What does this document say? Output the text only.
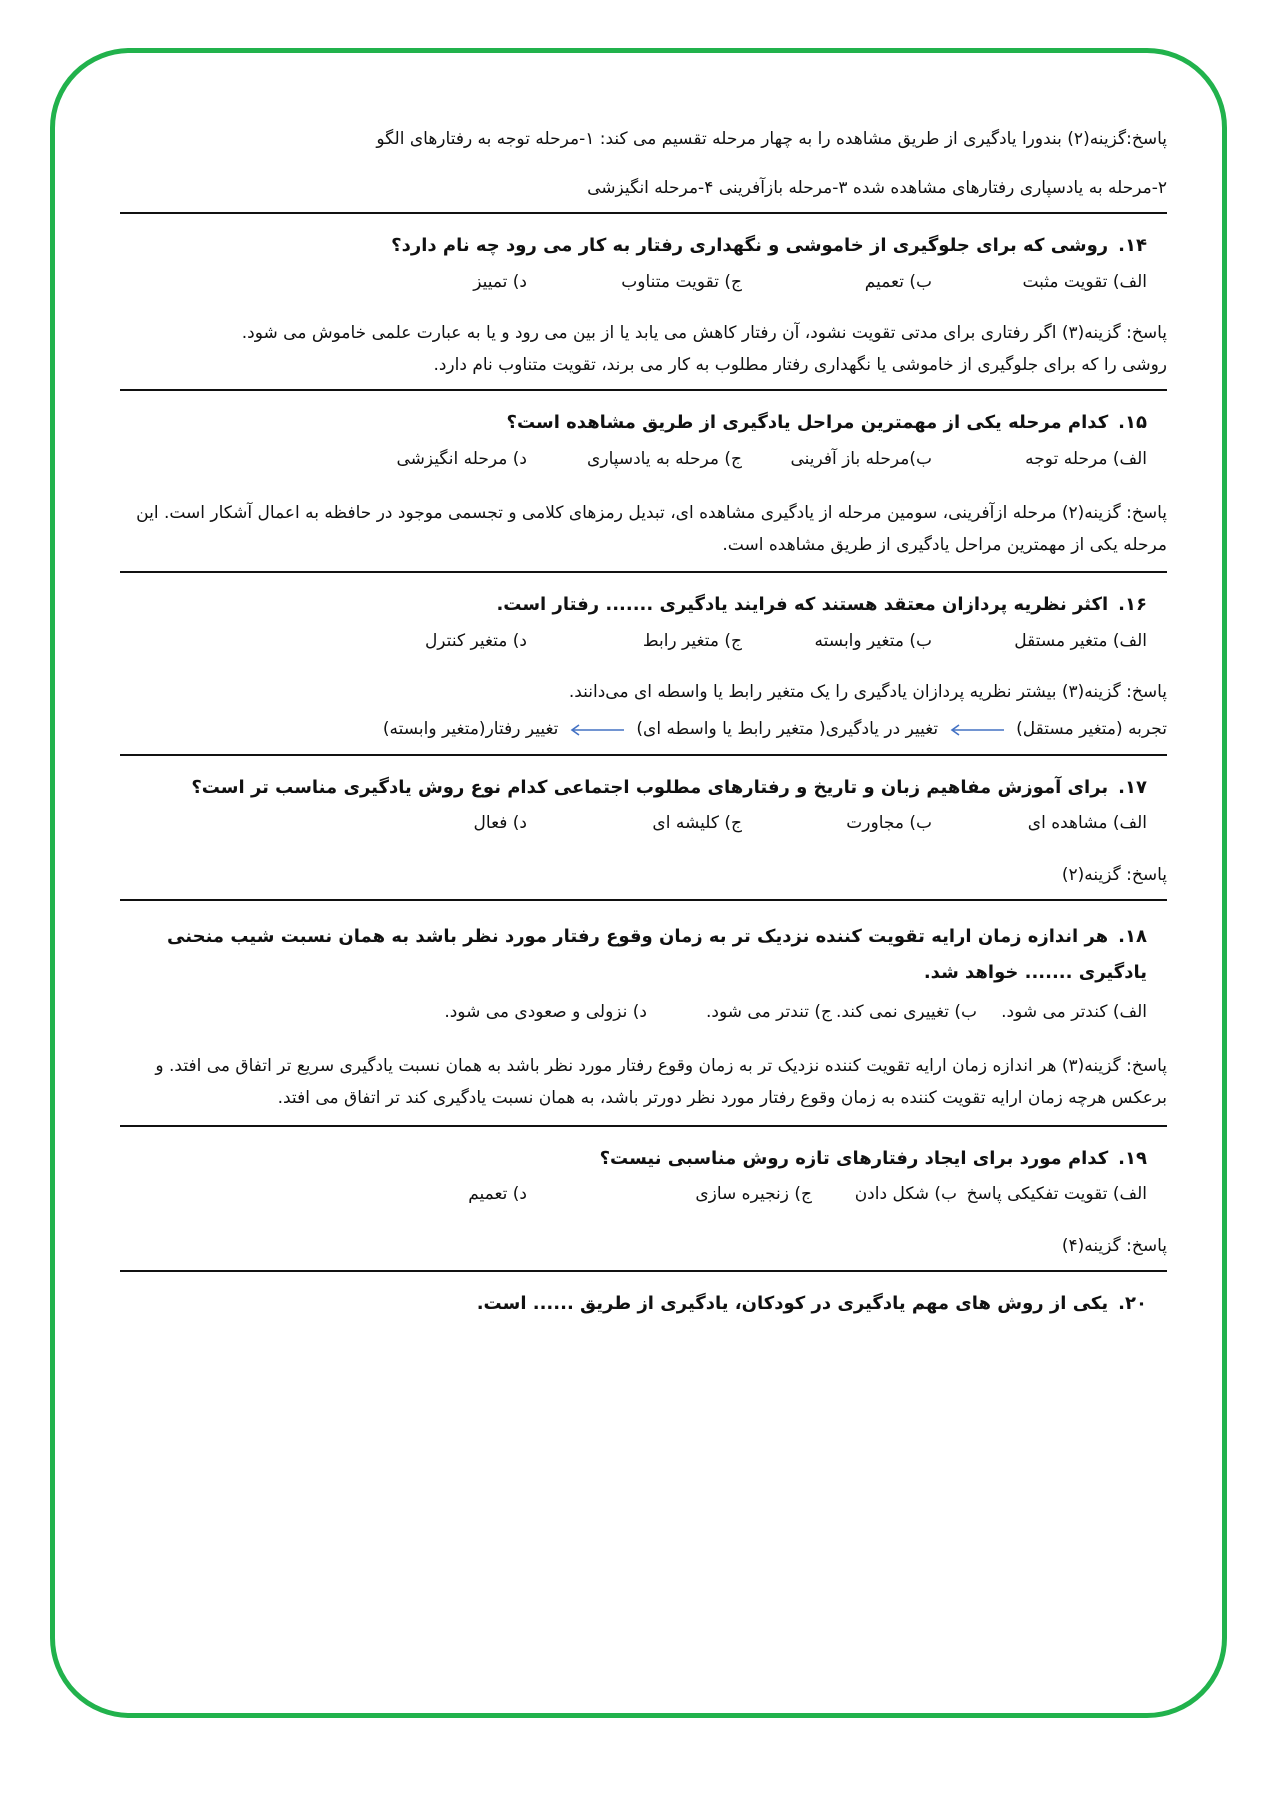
پاسخ:گزینه(۲) بندورا یادگیری از طریق مشاهده را به چهار مرحله تقسیم می کند: ۱-مرحله توجه به رفتارهای الگو

۲-مرحله به یادسپاری رفتارهای مشاهده شده ۳-مرحله بازآفرینی ۴-مرحله انگیزشی

۱۴.روشی که برای جلوگیری از خاموشی و نگهداری رفتار به کار می رود چه نام دارد؟
الف) تقویت مثبت
ب) تعمیم
ج) تقویت متناوب
د) تمییز

پاسخ: گزینه(۳) اگر رفتاری برای مدتی تقویت نشود، آن رفتار کاهش می یابد یا از بین می رود و یا به عبارت علمی خاموش می شود.

روشی را که برای جلوگیری از خاموشی یا نگهداری رفتار مطلوب به کار می برند، تقویت متناوب نام دارد.

۱۵.کدام مرحله یکی از مهمترین مراحل یادگیری از طریق مشاهده است؟
الف) مرحله توجه
ب)مرحله باز آفرینی
ج) مرحله به یادسپاری
د) مرحله انگیزشی

پاسخ: گزینه(۲) مرحله ازآفرینی، سومین مرحله از یادگیری مشاهده ای، تبدیل رمزهای کلامی و تجسمی موجود در حافظه به اعمال آشکار است. این مرحله یکی از مهمترین مراحل یادگیری از طریق مشاهده است.

۱۶.اکثر نظریه پردازان معتقد هستند که فرایند یادگیری ....... رفتار است.
الف) متغیر مستقل
ب) متغیر وابسته
ج) متغیر رابط
د) متغیر کنترل

پاسخ: گزینه(۳) بیشتر نظریه پردازان یادگیری را یک متغیر رابط یا واسطه ای می‌دانند.

تجربه (متغیر مستقل)
تغییر در یادگیری( متغیر رابط یا واسطه ای)
تغییر رفتار(متغیر وابسته)
۱۷.برای آموزش مفاهیم زبان و تاریخ و رفتارهای مطلوب اجتماعی کدام نوع روش یادگیری مناسب تر است؟
الف) مشاهده ای
ب) مجاورت
ج) کلیشه ای
د) فعال

پاسخ: گزینه(۲)

۱۸.هر اندازه زمان ارایه تقویت کننده نزدیک تر به زمان وقوع رفتار مورد نظر باشد به همان نسبت شیب منحنی یادگیری ....... خواهد شد.
الف) کندتر می شود.
ب) تغییری نمی کند.
ج) تندتر می شود.
د) نزولی و صعودی می شود.

پاسخ: گزینه(۳) هر اندازه زمان ارایه تقویت کننده نزدیک تر به زمان وقوع رفتار مورد نظر باشد به همان نسبت یادگیری سریع تر اتفاق می افتد. و برعکس هرچه زمان ارایه تقویت کننده به زمان وقوع رفتار مورد نظر دورتر باشد، به همان نسبت یادگیری کند تر اتفاق می افتد.

۱۹.کدام مورد برای ایجاد رفتارهای تازه روش مناسبی نیست؟
الف) تقویت تفکیکی پاسخ
ب) شکل دادن
ج) زنجیره سازی
د) تعمیم

پاسخ: گزینه(۴)

۲۰.یکی از روش های مهم یادگیری در کودکان، یادگیری از طریق ...... است.
